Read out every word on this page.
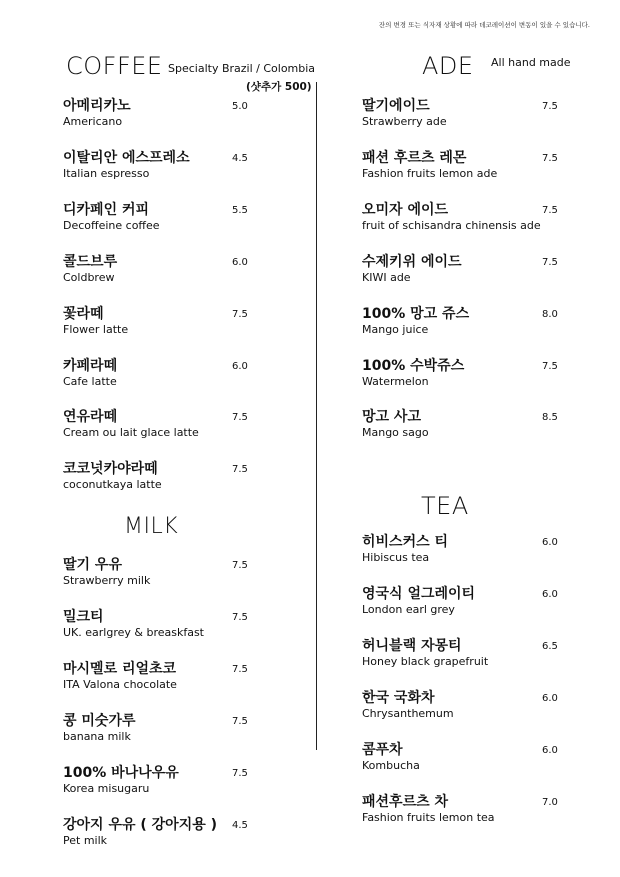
잔의 변경 또는 식자재 상황에 따라 데코레이션이 변동이 있을 수 있습니다.
COFFEE Specialty Brazil / Colombia
(샷추가 500)
ADE All hand made
MILK
TEA
아메리카노
Americano
5.0
이탈리안 에스프레소
Italian espresso
4.5
디카페인 커피
Decoffeine coffee
5.5
콜드브루
Coldbrew
6.0
꽃라떼
Flower latte
7.5
카페라떼
Cafe latte
6.0
연유라떼
Cream ou lait glace latte
7.5
코코넛카야라떼
coconutkaya latte
7.5
딸기 우유
Strawberry milk
7.5
밀크티
UK. earlgrey & breaskfast
7.5
마시멜로 리얼초코
ITA Valona chocolate
7.5
콩 미숫가루
banana milk
7.5
100% 바나나우유
Korea misugaru
7.5
강아지 우유 ( 강아지용 )
Pet milk
4.5
딸기에이드
Strawberry ade
7.5
패션 후르츠 레몬
Fashion fruits lemon ade
7.5
오미자 에이드
fruit of schisandra chinensis ade
7.5
수제키위 에이드
KIWI ade
7.5
100% 망고 쥬스
Mango juice
8.0
100% 수박쥬스
Watermelon
7.5
망고 사고
Mango sago
8.5
히비스커스 티
Hibiscus tea
6.0
영국식 얼그레이티
London earl grey
6.0
허니블랙 자몽티
Honey black grapefruit
6.5
한국 국화차
Chrysanthemum
6.0
콤푸차
Kombucha
6.0
패션후르츠 차
Fashion fruits lemon tea
7.0
